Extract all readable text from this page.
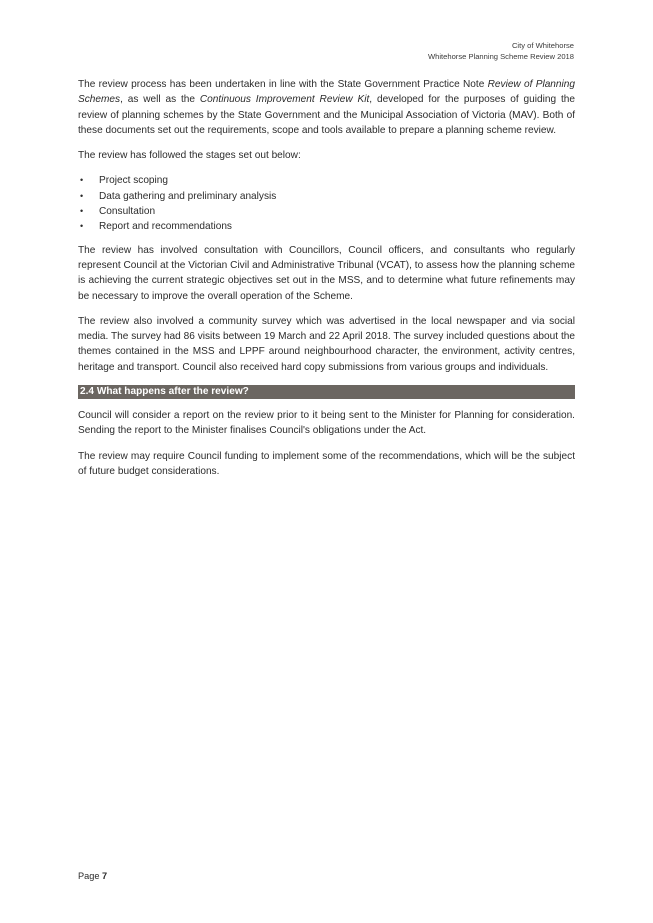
City of Whitehorse
Whitehorse Planning Scheme Review 2018

The review process has been undertaken in line with the State Government Practice Note Review of Planning Schemes, as well as the Continuous Improvement Review Kit, developed for the purposes of guiding the review of planning schemes by the State Government and the Municipal Association of Victoria (MAV). Both of these documents set out the requirements, scope and tools available to prepare a planning scheme review.

The review has followed the stages set out below:

• Project scoping
• Data gathering and preliminary analysis
• Consultation
• Report and recommendations

The review has involved consultation with Councillors, Council officers, and consultants who regularly represent Council at the Victorian Civil and Administrative Tribunal (VCAT), to assess how the planning scheme is achieving the current strategic objectives set out in the MSS, and to determine what future refinements may be necessary to improve the overall operation of the Scheme.

The review also involved a community survey which was advertised in the local newspaper and via social media. The survey had 86 visits between 19 March and 22 April 2018. The survey included questions about the themes contained in the MSS and LPPF around neighbourhood character, the environment, activity centres, heritage and transport. Council also received hard copy submissions from various groups and individuals.

2.4 What happens after the review?

Council will consider a report on the review prior to it being sent to the Minister for Planning for consideration. Sending the report to the Minister finalises Council's obligations under the Act.

The review may require Council funding to implement some of the recommendations, which will be the subject of future budget considerations.

Page 7
